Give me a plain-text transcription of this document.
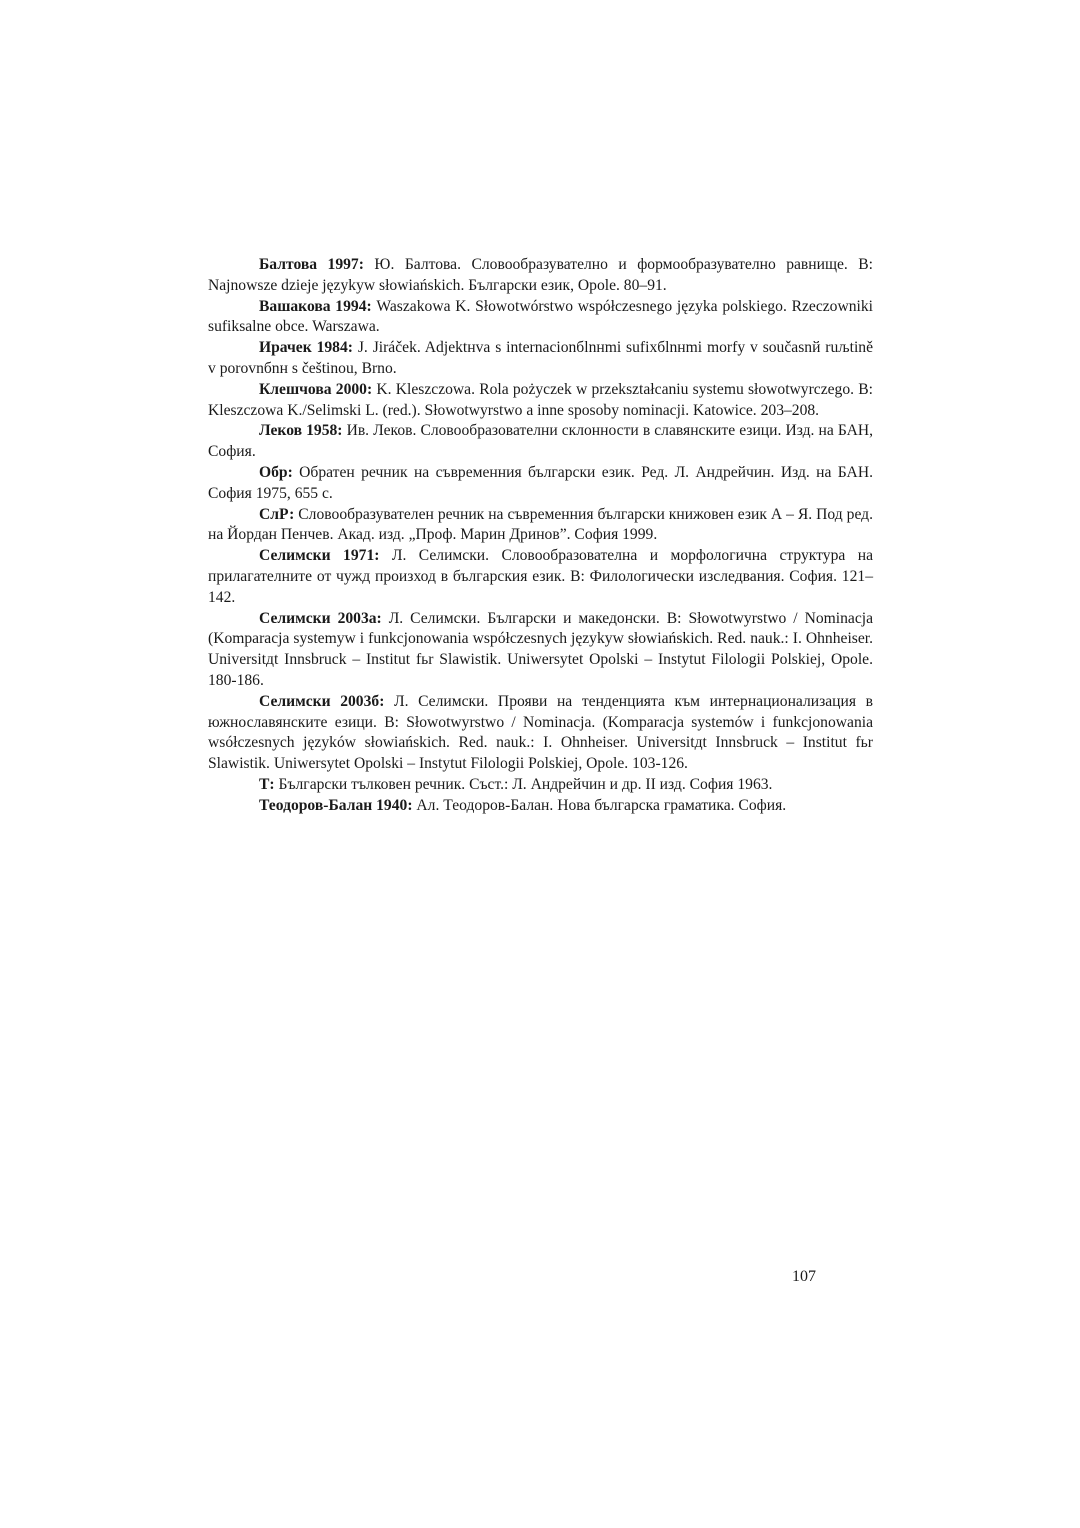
Балтова 1997: Ю. Балтова. Словообразувателно и формообразувателно равнище. В: Najnowsze dzieje językyw słowiańskich. Български език, Opole. 80–91.

Вашакова 1994: Waszakowa K. Słowotwórstwo współczesnego języka polskiego. Rzeczowniki sufiksalne obce. Warszawa.

Ирачек 1984: J. Jiráček. Adjektнva s internacionбlnнmi sufixбlnнmi morfy v současnй ruљtině v porovnбnн s češtinou, Brno.

Клешчова 2000: K. Kleszczowa. Rola pożyczek w przekształcaniu systemu słowotwyrczego. B: Kleszczowa K./Selimski L. (red.). Słowotwyrstwo a inne sposoby nominacji. Katowice. 203–208.

Леков 1958: Ив. Леков. Словообразователни склонности в славянските езици. Изд. на БАН, София.

Обр: Обратен речник на съвременния български език. Ред. Л. Андрейчин. Изд. на БАН. София 1975, 655 с.

СлР: Словообразувателен речник на съвременния български книжовен език А – Я. Под ред. на Йордан Пенчев. Акад. изд. „Проф. Марин Дринов”. София 1999.

Селимски 1971: Л. Селимски. Словообразователна и морфологична структура на прилагателните от чужд произход в българския език. В: Филологически изследвания. София. 121–142.

Селимски 2003а: Л. Селимски. Български и македонски. В: Słowotwyrstwo / Nominacja (Komparacja systemyw i funkcjonowania współczesnych językyw słowiańskich. Red. nauk.: I. Ohnheiser. Universitдt Innsbruck – Institut fьr Slawistik. Uniwersytet Opolski – Instytut Filologii Polskiej, Opole. 180-186.

Селимски 2003б: Л. Селимски. Прояви на тенденцията към интернационализация в южнославянските езици. В: Słowotwyrstwo / Nominacja. (Komparacja systemów i funkcjonowania wsółczesnych języków słowiańskich. Red. nauk.: I. Ohnheiser. Universitдt Innsbruck – Institut fьr Slawistik. Uniwersytet Opolski – Instytut Filologii Polskiej, Opole. 103-126.

Т: Български тълковен речник. Съст.: Л. Андрейчин и др. II изд. София 1963.

Теодоров-Балан 1940: Ал. Теодоров-Балан. Нова българска граматика. София.

107
